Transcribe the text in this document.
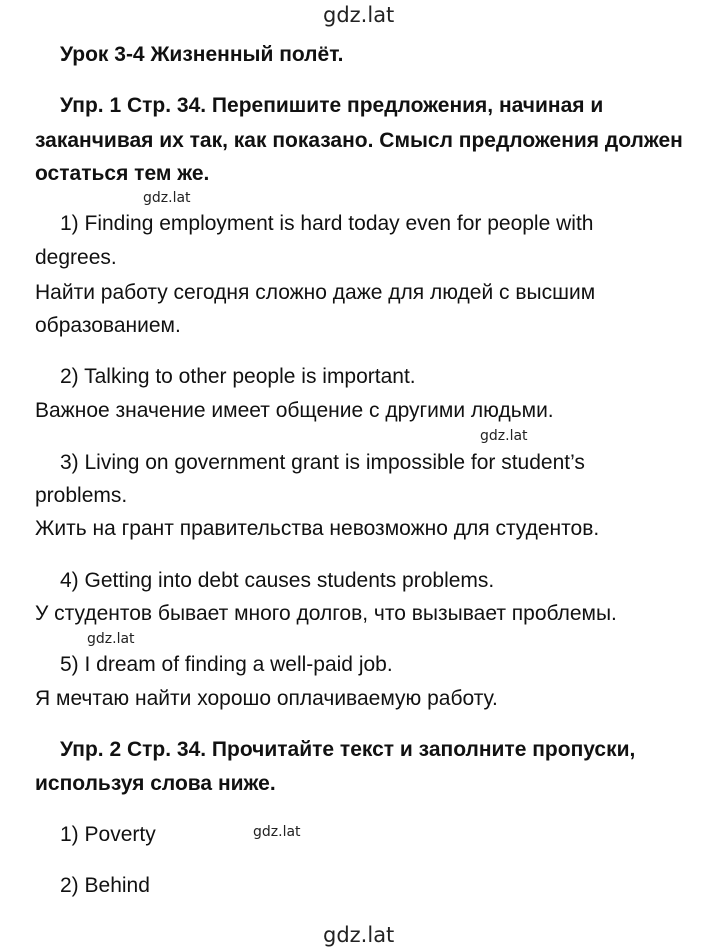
gdz.lat
Урок 3-4 Жизненный полёт.
Упр. 1 Стр. 34. Перепишите предложения, начиная и
заканчивая их так, как показано. Смысл предложения должен
остаться тем же.
gdz.lat
1) Finding employment is hard today even for people with
degrees.
Найти работу сегодня сложно даже для людей с высшим
образованием.
2) Talking to other people is important.
Важное значение имеет общение с другими людьми.
gdz.lat
3) Living on government grant is impossible for student’s
problems.
Жить на грант правительства невозможно для студентов.
4) Getting into debt causes students problems.
У студентов бывает много долгов, что вызывает проблемы.
gdz.lat
5) I dream of finding a well-paid job.
Я мечтаю найти хорошо оплачиваемую работу.
Упр. 2 Стр. 34. Прочитайте текст и заполните пропуски,
используя слова ниже.
1) Poverty	gdz.lat
2) Behind
gdz.lat
